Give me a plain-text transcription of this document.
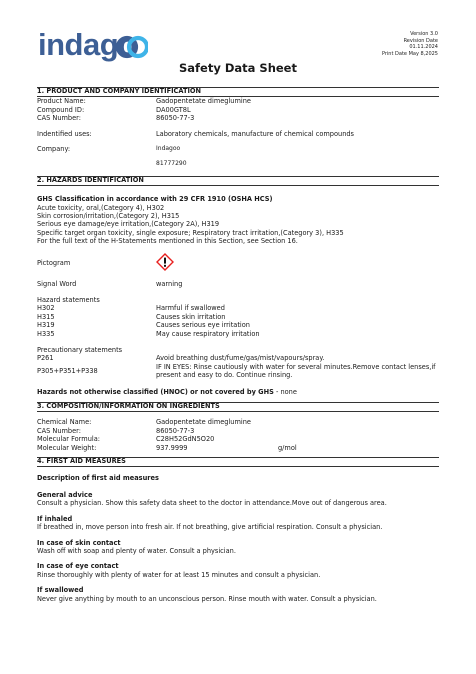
indago	Version 3.0
Revision Date
01.11.2024
Print Date May 8,2025
Safety Data Sheet
1. PRODUCT AND COMPANY IDENTIFICATION
Product Name:	Gadopentetate dimeglumine
Compound ID:	DA00GT8L
CAS Number:	86050-77-3
Indentified uses:	Laboratory chemicals, manufacture of chemical compounds
Company:	Indagoo
81777290
2. HAZARDS IDENTIFICATION
GHS Classification in accordance with 29 CFR 1910 (OSHA HCS)
Acute toxicity, oral,(Category 4), H302
Skin corrosion/irritation,(Category 2), H315
Serious eye damage/eye irritation,(Category 2A), H319
Specific target organ toxicity, single exposure; Respiratory tract irritation,(Category 3), H335
For the full text of the H-Statements mentioned in this Section, see Section 16.
Pictogram
Signal Word	warning
Hazard statements
H302	Harmful if swallowed
H315	Causes skin irritation
H319	Causes serious eye irritation
H335	May cause respiratory irritation
Precautionary statements
P261	Avoid breathing dust/fume/gas/mist/vapours/spray.
P305+P351+P338
IF IN EYES: Rinse cautiously with water for several minutes.Remove contact lenses,if present and easy to do. Continue rinsing.
Hazards not otherwise classified (HNOC) or not covered by GHS - none
3. COMPOSITION/INFORMATION ON INGREDIENTS
Chemical Name:	Gadopentetate dimeglumine
CAS Number:	86050-77-3
Molecular Formula:	C28H52GdN5O20
Molecular Weight:	937.9999	g/mol
4. FIRST AID MEASURES
Description of first aid measures
General advice
Consult a physician. Show this safety data sheet to the doctor in attendance.Move out of dangerous area.
If inhaled
If breathed in, move person into fresh air. If not breathing, give artificial respiration. Consult a physician.
In case of skin contact
Wash off with soap and plenty of water. Consult a physician.
In case of eye contact
Rinse thoroughly with plenty of water for at least 15 minutes and consult a physician.
If swallowed
Never give anything by mouth to an unconscious person. Rinse mouth with water. Consult a physician.
